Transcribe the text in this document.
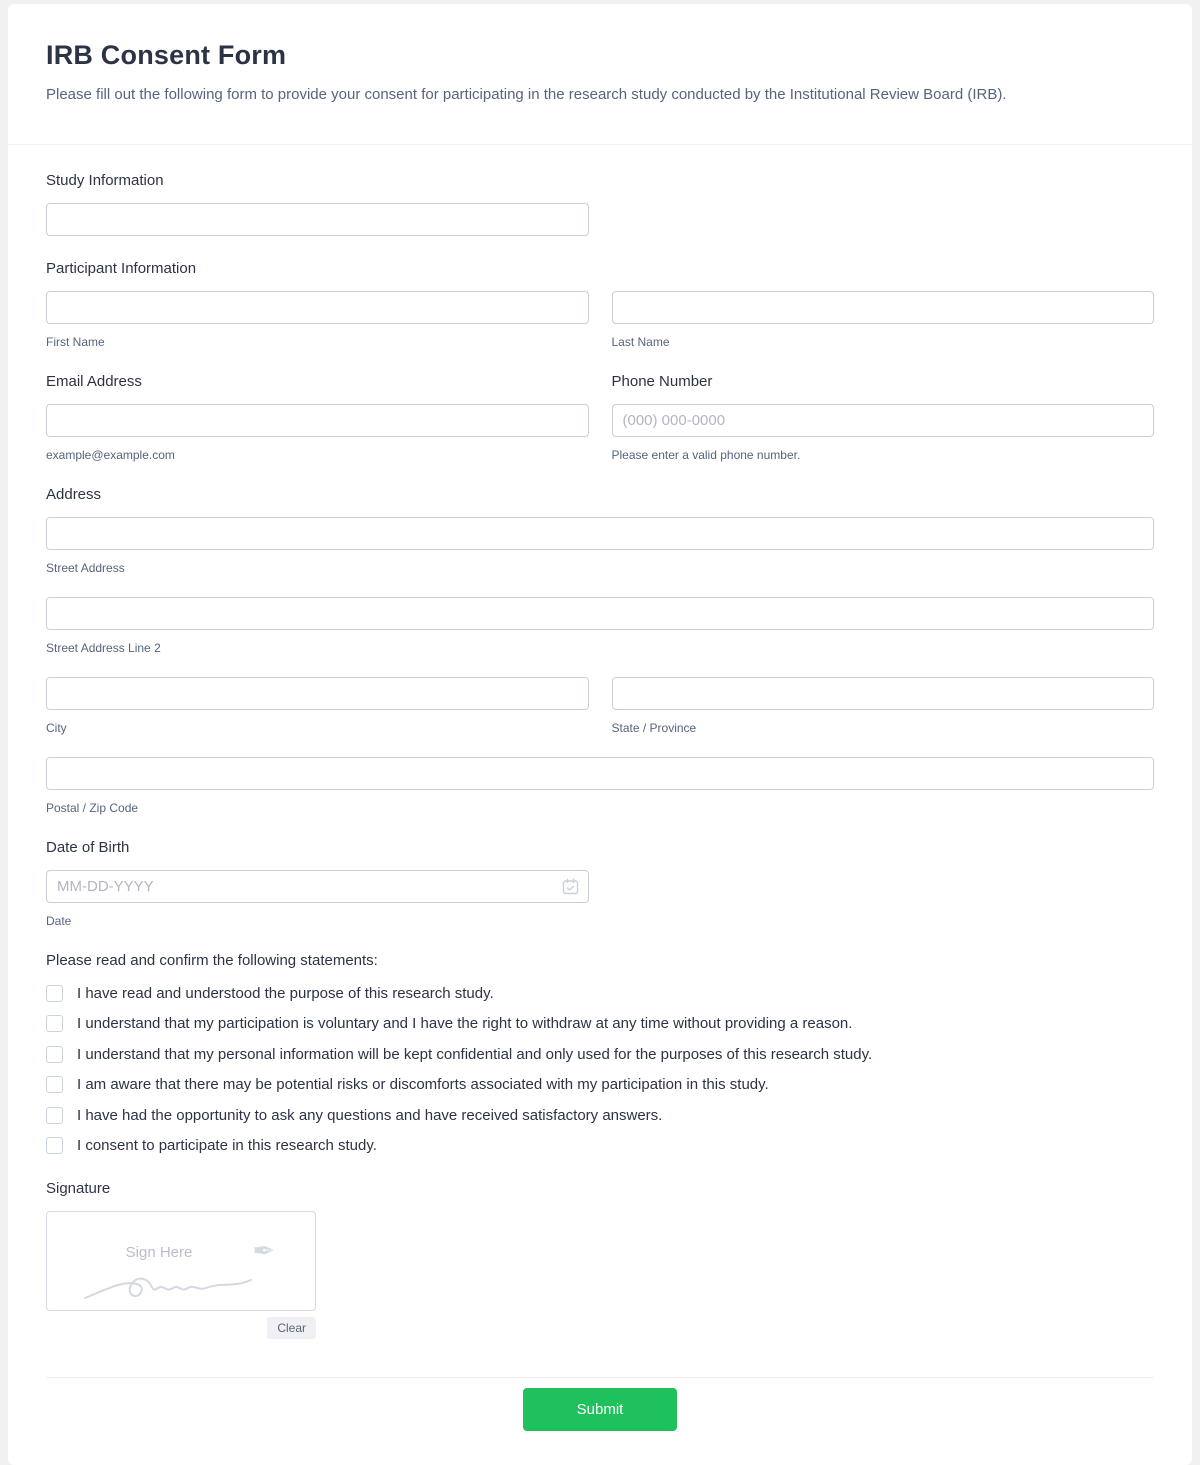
IRB Consent Form

Please fill out the following form to provide your consent for participating in the research study conducted by the Institutional Review Board (IRB).

Study Information
Participant Information
First Name	Last Name
Email Address
example@example.com
Phone Number
(000) 000-0000
Please enter a valid phone number.
Address
Street Address
Street Address Line 2
City	State / Province
Postal / Zip Code
Date of Birth
MM-DD-YYYY
Date
Please read and confirm the following statements:
I have read and understood the purpose of this research study.
I understand that my participation is voluntary and I have the right to withdraw at any time without providing a reason.
I understand that my personal information will be kept confidential and only used for the purposes of this research study.
I am aware that there may be potential risks or discomforts associated with my participation in this study.
I have had the opportunity to ask any questions and have received satisfactory answers.
I consent to participate in this research study.
Signature
Sign Here	✒
Clear
Submit
